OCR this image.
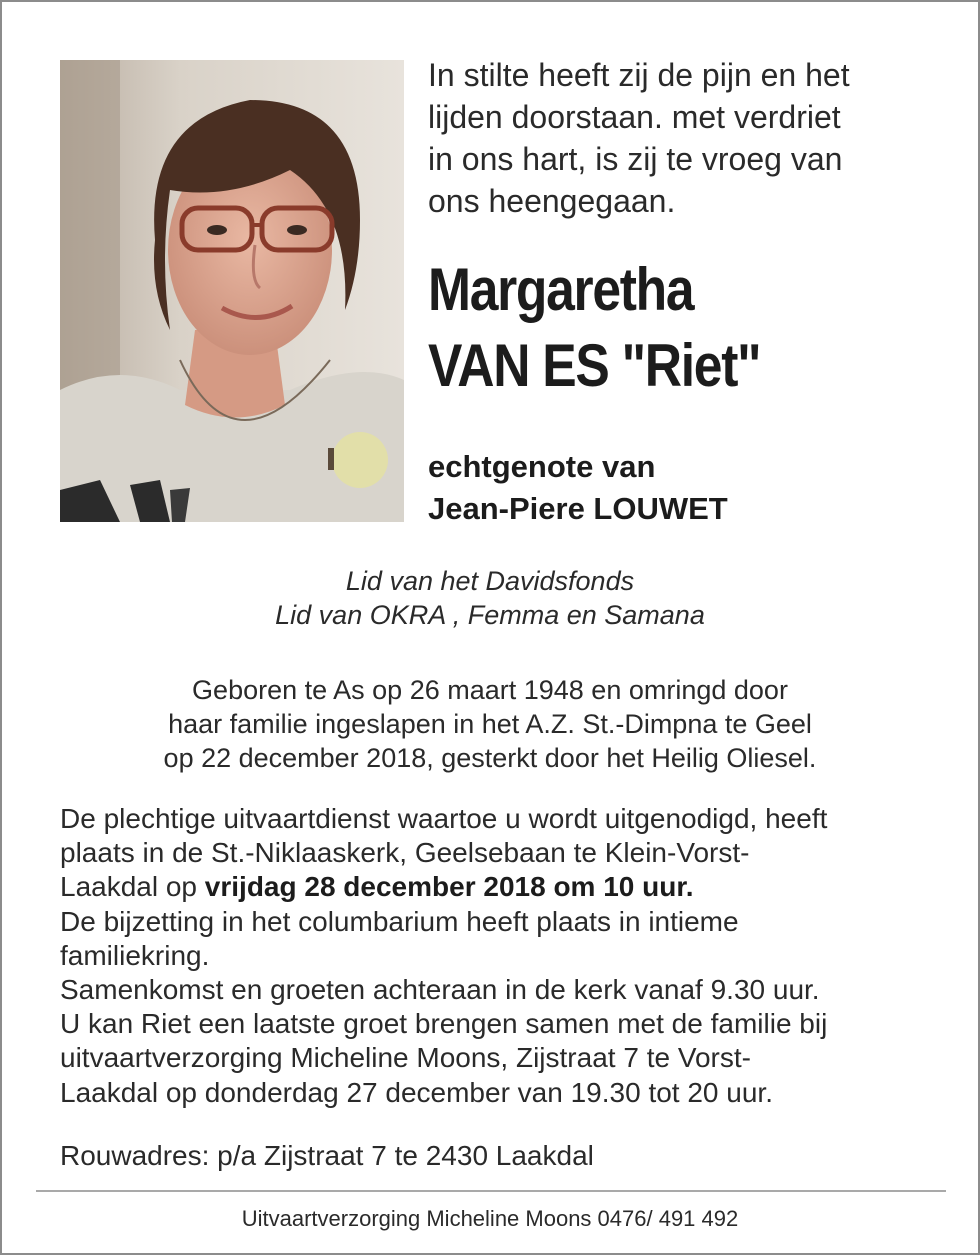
In stilte heeft zij de pijn en het
lijden doorstaan. met verdriet
in ons hart, is zij te vroeg van
ons heengegaan.
Margaretha
VAN ES "Riet"
echtgenote van
Jean-Piere LOUWET
Lid van het Davidsfonds
Lid van OKRA , Femma en Samana
Geboren te As op 26 maart 1948 en omringd door
haar familie ingeslapen in het A.Z. St.-Dimpna te Geel
op 22 december 2018, gesterkt door het Heilig Oliesel.
De plechtige uitvaartdienst waartoe u wordt uitgenodigd, heeft
plaats in de St.-Niklaaskerk, Geelsebaan te Klein-Vorst-
Laakdal op vrijdag 28 december 2018 om 10 uur.
De bijzetting in het columbarium heeft plaats in intieme
familiekring.
Samenkomst en groeten achteraan in de kerk vanaf 9.30 uur.
U kan Riet een laatste groet brengen samen met de familie bij
uitvaartverzorging Micheline Moons, Zijstraat 7 te Vorst-
Laakdal op donderdag 27 december van 19.30 tot 20 uur.
Rouwadres: p/a Zijstraat 7 te 2430 Laakdal
Uitvaartverzorging Micheline Moons 0476/ 491 492
